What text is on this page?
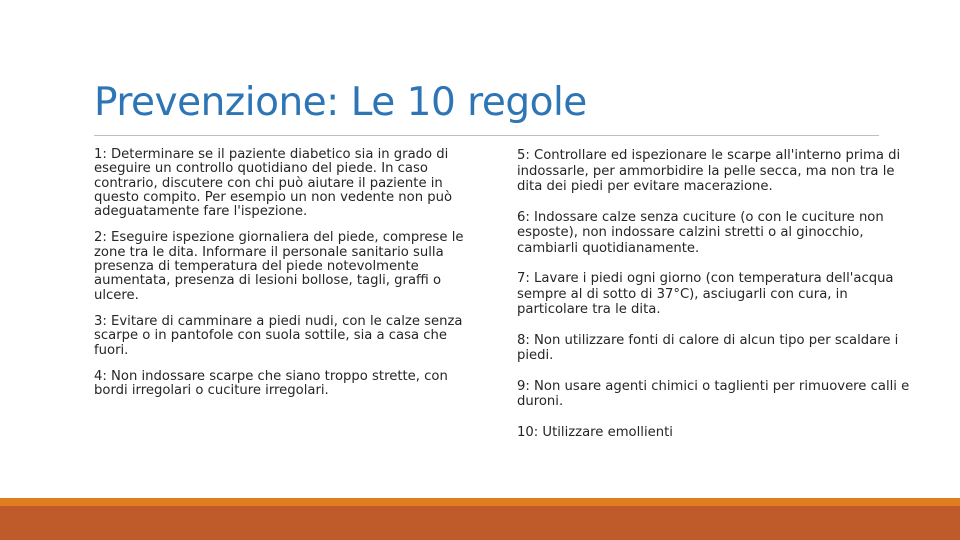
Prevenzione: Le 10 regole

1: Determinare se il paziente diabetico sia in grado di eseguire un controllo quotidiano del piede. In caso contrario, discutere con chi può aiutare il paziente in questo compito. Per esempio un non vedente non può adeguatamente fare l'ispezione.

2: Eseguire ispezione giornaliera del piede, comprese le zone tra le dita. Informare il personale sanitario sulla presenza di temperatura del piede notevolmente aumentata, presenza di lesioni bollose, tagli, graffi o ulcere.

3: Evitare di camminare a piedi nudi, con le calze senza scarpe o in pantofole con suola sottile, sia a casa che fuori.

4: Non indossare scarpe che siano troppo strette, con bordi irregolari o cuciture irregolari.

5: Controllare ed ispezionare le scarpe all'interno prima di indossarle, per ammorbidire la pelle secca, ma non tra le dita dei piedi per evitare macerazione.

6: Indossare calze senza cuciture (o con le cuciture non esposte), non indossare calzini stretti o al ginocchio, cambiarli quotidianamente.

7: Lavare i piedi ogni giorno (con temperatura dell'acqua sempre al di sotto di 37°C), asciugarli con cura, in particolare tra le dita.

8: Non utilizzare fonti di calore di alcun tipo per scaldare i piedi.

9: Non usare agenti chimici o taglienti per rimuovere calli e duroni.

10: Utilizzare emollienti
